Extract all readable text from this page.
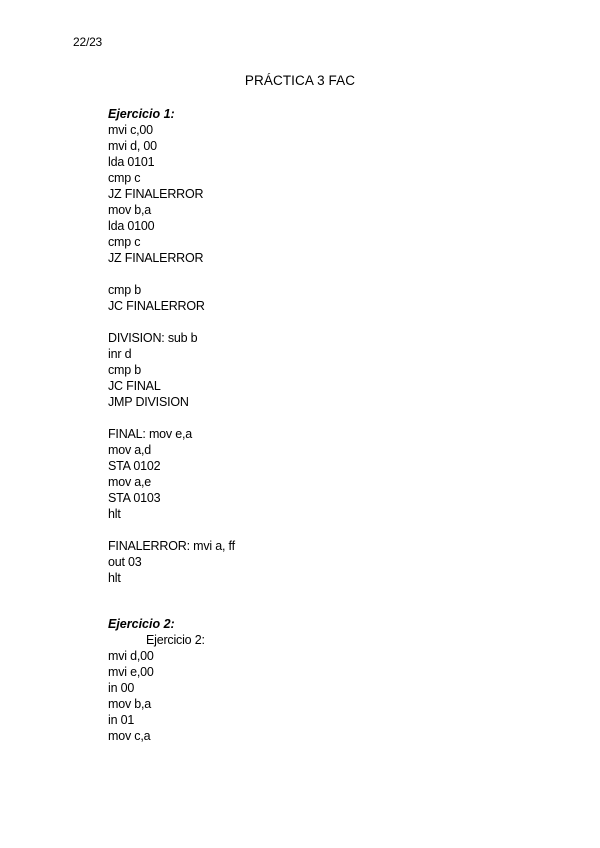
22/23
PRÁCTICA 3 FAC
Ejercicio 1:
mvi c,00
mvi d, 00
lda 0101
cmp c
JZ FINALERROR
mov b,a
lda 0100
cmp c
JZ FINALERROR
cmp b
JC FINALERROR
DIVISION: sub b
inr d
cmp b
JC FINAL
JMP DIVISION
FINAL: mov e,a
mov a,d
STA 0102
mov a,e
STA 0103
hlt
FINALERROR: mvi a, ff
out 03
hlt
Ejercicio 2:
Ejercicio 2:
mvi d,00
mvi e,00
in 00
mov b,a
in 01
mov c,a
